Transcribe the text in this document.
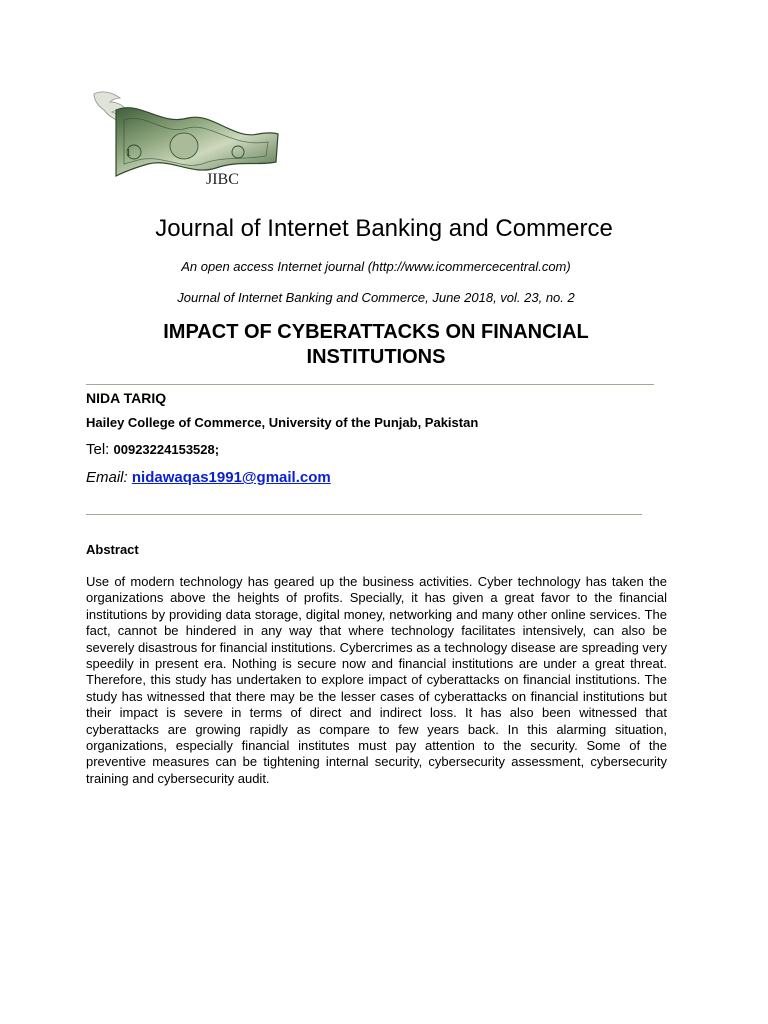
1
JIBC
Journal of Internet Banking and Commerce
An open access Internet journal (http://www.icommercecentral.com)
Journal of Internet Banking and Commerce, June 2018, vol. 23, no. 2
IMPACT OF CYBERATTACKS ON FINANCIAL INSTITUTIONS
NIDA TARIQ
Hailey College of Commerce, University of the Punjab, Pakistan
Tel: 00923224153528;
Email: nidawaqas1991@gmail.com
Abstract

Use of modern technology has geared up the business activities. Cyber technology has taken the organizations above the heights of profits. Specially, it has given a great favor to the financial institutions by providing data storage, digital money, networking and many other online services. The fact, cannot be hindered in any way that where technology facilitates intensively, can also be severely disastrous for financial institutions. Cybercrimes as a technology disease are spreading very speedily in present era. Nothing is secure now and financial institutions are under a great threat. Therefore, this study has undertaken to explore impact of cyberattacks on financial institutions. The study has witnessed that there may be the lesser cases of cyberattacks on financial institutions but their impact is severe in terms of direct and indirect loss. It has also been witnessed that cyberattacks are growing rapidly as compare to few years back. In this alarming situation, organizations, especially financial institutes must pay attention to the security. Some of the preventive measures can be tightening internal security, cybersecurity assessment, cybersecurity training and cybersecurity audit.
